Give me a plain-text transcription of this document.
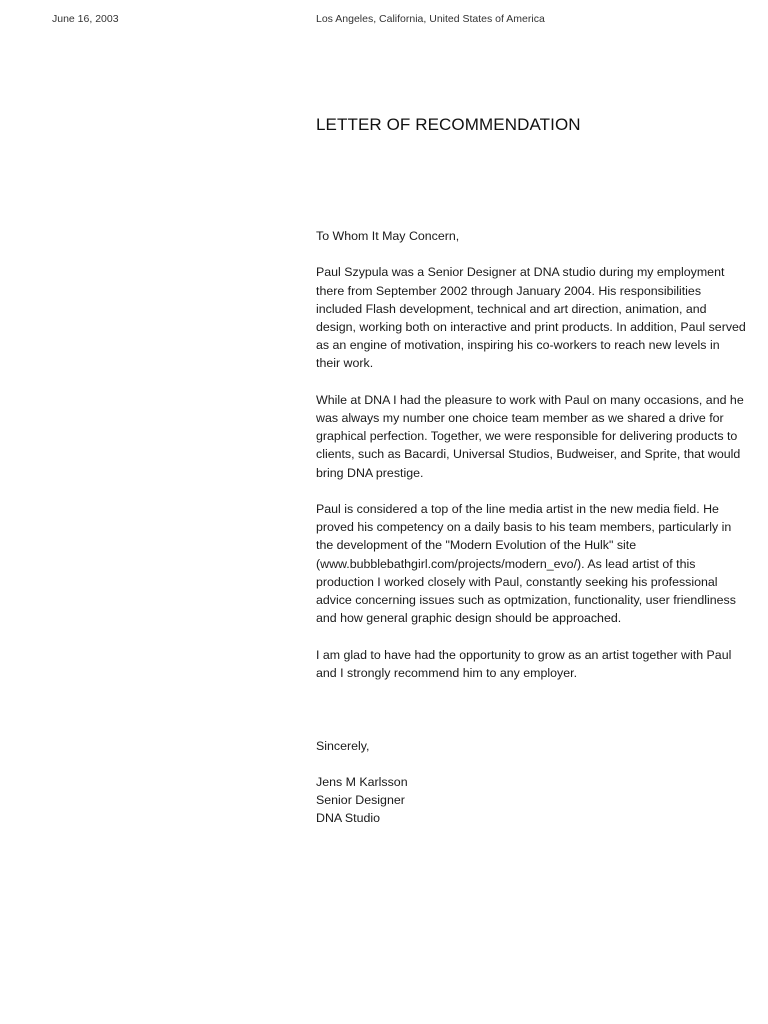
June 16, 2003	Los Angeles, California, United States of America
LETTER OF RECOMMENDATION

To Whom It May Concern,

Paul Szypula was a Senior Designer at DNA studio during my employment there from September 2002 through January 2004. His responsibilities included Flash development, technical and art direction, animation, and design, working both on interactive and print products. In addition, Paul served as an engine of motivation, inspiring his co-workers to reach new levels in their work.

While at DNA I had the pleasure to work with Paul on many occasions, and he was always my number one choice team member as we shared a drive for graphical perfection. Together, we were responsible for delivering products to clients, such as Bacardi, Universal Studios, Budweiser, and Sprite, that would bring DNA prestige.

Paul is considered a top of the line media artist in the new media field. He proved his competency on a daily basis to his team members, particularly in the development of the "Modern Evolution of the Hulk" site (www.bubblebathgirl.com/projects/modern_evo/). As lead artist of this production I worked closely with Paul, constantly seeking his professional advice concerning issues such as optmization, functionality, user friendliness and how general graphic design should be approached.

I am glad to have had the opportunity to grow as an artist together with Paul and I strongly recommend him to any employer.

Sincerely,

Jens M Karlsson
Senior Designer
DNA Studio
